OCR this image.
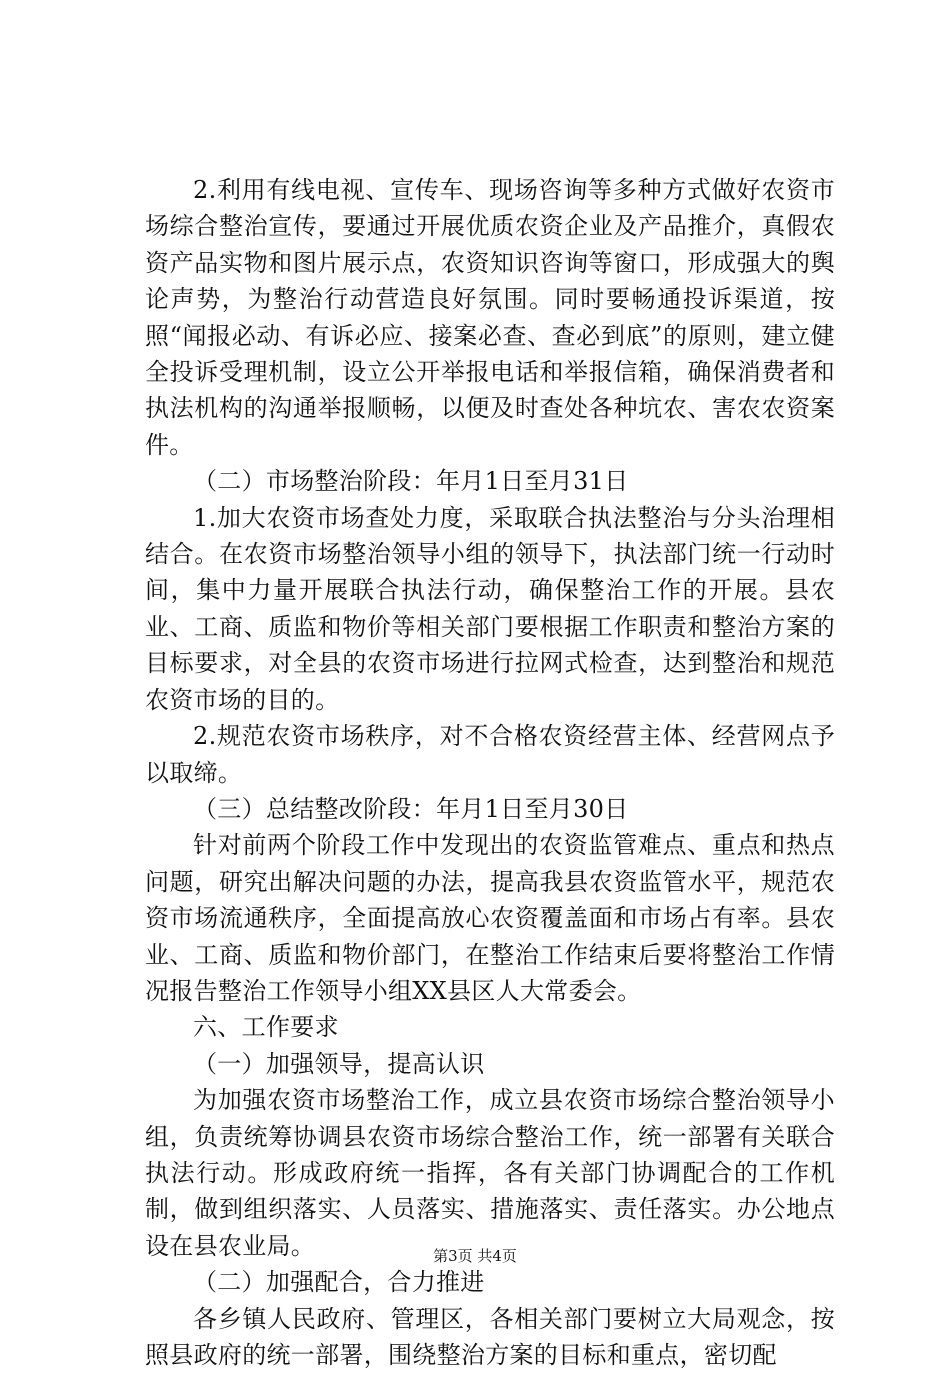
2.利用有线电视、宣传车、现场咨询等多种方式做好农资市场综合整治宣传，要通过开展优质农资企业及产品推介，真假农资产品实物和图片展示点，农资知识咨询等窗口，形成强大的舆论声势，为整治行动营造良好氛围。同时要畅通投诉渠道，按照“闻报必动、有诉必应、接案必查、查必到底”的原则，建立健全投诉受理机制，设立公开举报电话和举报信箱，确保消费者和执法机构的沟通举报顺畅，以便及时查处各种坑农、害农农资案件。

（二）市场整治阶段：年月1日至月31日

1.加大农资市场查处力度，采取联合执法整治与分头治理相结合。在农资市场整治领导小组的领导下，执法部门统一行动时间，集中力量开展联合执法行动，确保整治工作的开展。县农业、工商、质监和物价等相关部门要根据工作职责和整治方案的目标要求，对全县的农资市场进行拉网式检查，达到整治和规范农资市场的目的。

2.规范农资市场秩序，对不合格农资经营主体、经营网点予以取缔。

（三）总结整改阶段：年月1日至月30日

针对前两个阶段工作中发现出的农资监管难点、重点和热点问题，研究出解决问题的办法，提高我县农资监管水平，规范农资市场流通秩序，全面提高放心农资覆盖面和市场占有率。县农业、工商、质监和物价部门，在整治工作结束后要将整治工作情况报告整治工作领导小组XX县区人大常委会。

六、工作要求

（一）加强领导，提高认识

为加强农资市场整治工作，成立县农资市场综合整治领导小组，负责统筹协调县农资市场综合整治工作，统一部署有关联合执法行动。形成政府统一指挥，各有关部门协调配合的工作机制，做到组织落实、人员落实、措施落实、责任落实。办公地点设在县农业局。

（二）加强配合，合力推进

各乡镇人民政府、管理区，各相关部门要树立大局观念，按照县政府的统一部署，围绕整治方案的目标和重点，密切配

第3页 共4页
